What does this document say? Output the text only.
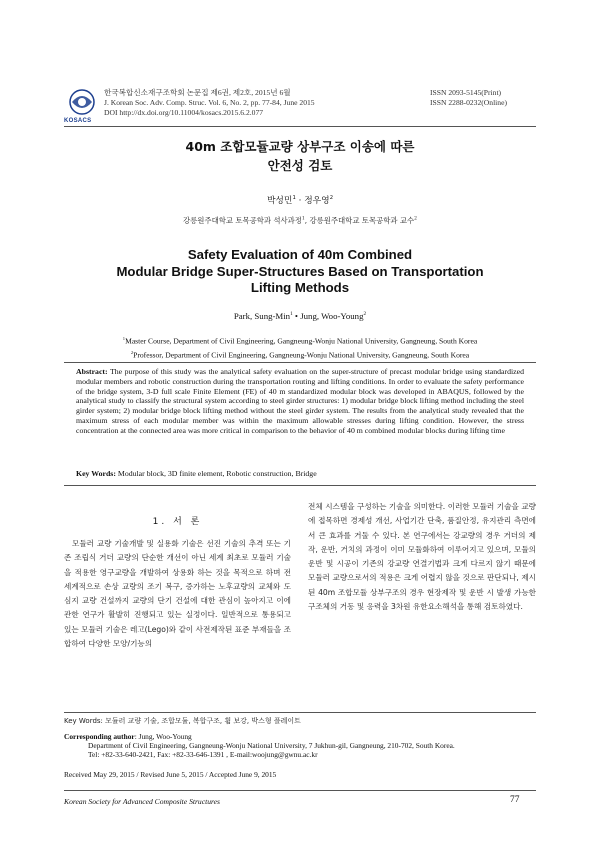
KOSACS
한국복합신소재구조학회 논문집 제6권, 제2호, 2015년 6월
J. Korean Soc. Adv. Comp. Struc. Vol. 6, No. 2, pp. 77-84, June 2015
DOI http://dx.doi.org/10.11004/kosacs.2015.6.2.077
ISSN 2093-5145(Print)
ISSN 2288-0232(Online)
40m 조합모듈교량 상부구조 이송에 따른
안전성 검토
박성민$^1$ · 정우영$^2$
강릉원주대학교 토목공학과 석사과정$^1$, 강릉원주대학교 토목공학과 교수$^2$
Safety Evaluation of 40m Combined
Modular Bridge Super-Structures Based on Transportation
Lifting Methods
Park, Sung-Min$^1$ • Jung, Woo-Young$^2$
$^1$Master Course, Department of Civil Engineering, Gangneung-Wonju National University, Gangneung, South Korea
$^2$Professor, Department of Civil Engineering, Gangneung-Wonju National University, Gangneung, South Korea
Abstract: The purpose of this study was the analytical safety evaluation on the super-structure of precast modular bridge using standardized modular members and robotic construction during the transportation routing and lifting conditions. In order to evaluate the safety performance of the bridge system, 3-D full scale Finite Element (FE) of 40 m standardized modular block was developed in ABAQUS, followed by the analytical study to classify the structural system according to steel girder structures: 1) modular bridge block lifting method including the steel girder system; 2) modular bridge block lifting method without the steel girder system. The results from the analytical study revealed that the maximum stress of each modular member was within the maximum allowable stresses during lifting condition. However, the stress concentration at the connected area was more critical in comparison to the behavior of 40 m combined modular blocks during lifting time
Key Words: Modular block, 3D finite element, Robotic construction, Bridge
1. 서 론
모듈러 교량 기술개발 및 실용화 기술은 선진 기술의 추격 또는 기존 조립식 거더 교량의 단순한 개선이 아닌 세계 최초로 모듈러 기술을 적용한 영구교량을 개발하여 상용화 하는 것을 목적으로 하며 전 세계적으로 손상 교량의 조기 복구, 증가하는 노후교량의 교체와 도심지 교량 건설까지 교량의 단기 건설에 대한 관심이 높아지고 이에 관한 연구가 활발히 진행되고 있는 실정이다. 일반적으로 통용되고 있는 모듈러 기술은 레고(Lego)와 같이 사전제작된 표준 부재들을 조합하여 다양한 모양/기능의
전체 시스템을 구성하는 기술을 의미한다. 이러한 모듈러 기술을 교량에 접목하면 경제성 개선, 사업기간 단축, 품질안정, 유지관리 측면에서 큰 효과를 거둘 수 있다. 본 연구에서는 강교량의 경우 거더의 제작, 운반, 거치의 과정이 이미 모듈화하여 이루어지고 있으며, 모듈의 운반 및 시공이 기존의 강교량 연결기법과 크게 다르지 않기 때문에 모듈러 교량으로서의 적용은 크게 어렵지 않을 것으로 판단되나, 제시된 40m 조합모듈 상부구조의 경우 현장제작 및 운반 시 발생 가능한 구조체의 거동 및 응력을 3차원 유한요소해석을 통해 검토하였다.
Key Words: 모듈러 교량 기술, 조합모듈, 복합구조, 휨 보강, 박스형 플레이트
Corresponding author: Jung, Woo-Young
Department of Civil Engineering, Gangneung-Wonju National University, 7 Jukhun-gil, Gangneung, 210-702, South Korea.
Tel: +82-33-640-2421, Fax: +82-33-646-1391 , E-mail:woojung@gwnu.ac.kr
Received May 29, 2015 / Revised June 5, 2015 / Accepted June 9, 2015
Korean Society for Advanced Composite Structures	77
